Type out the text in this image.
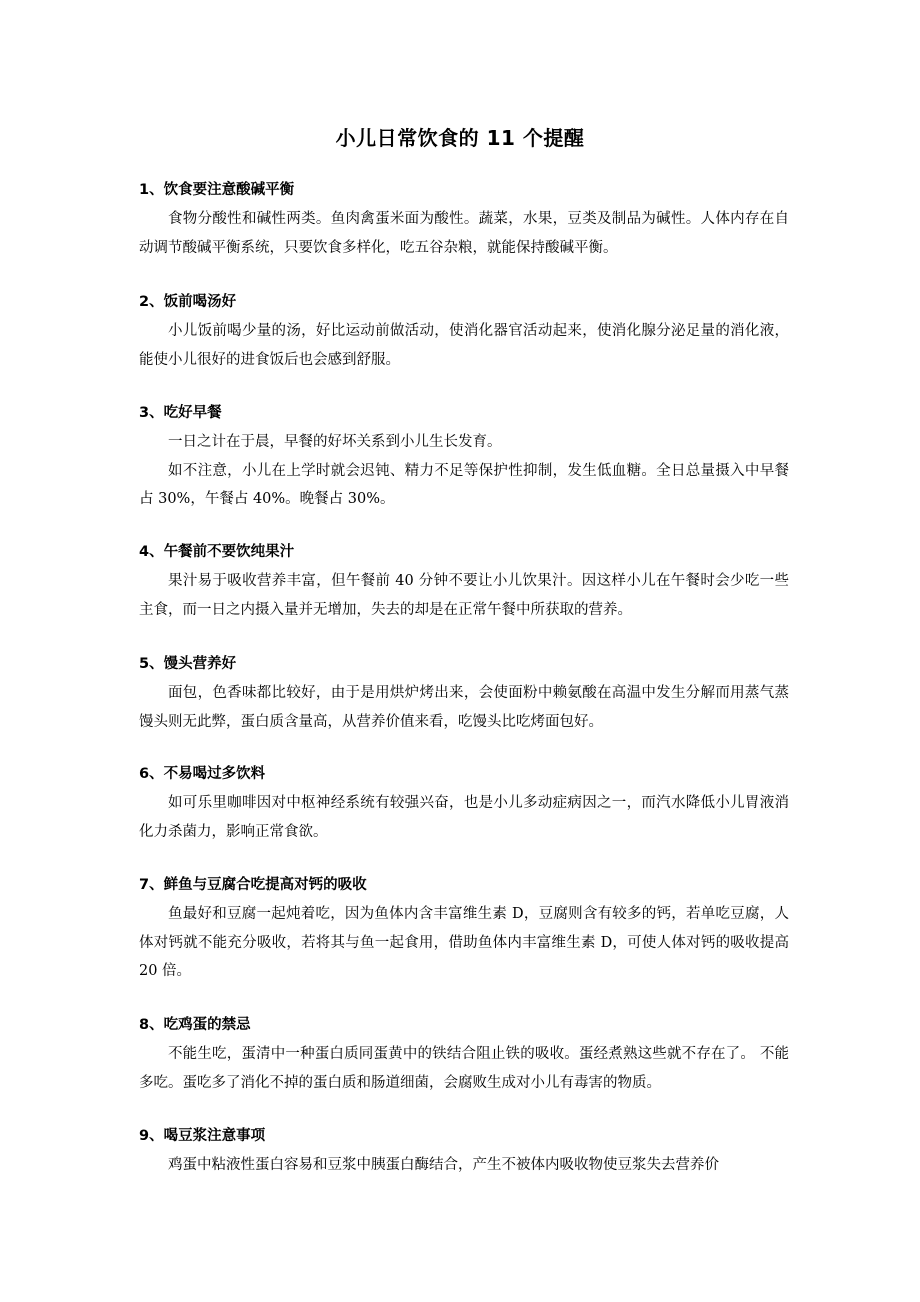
小儿日常饮食的 11 个提醒
1、饮食要注意酸碱平衡
食物分酸性和碱性两类。鱼肉禽蛋米面为酸性。蔬菜，水果，豆类及制品为碱性。人体内存在自动调节酸碱平衡系统，只要饮食多样化，吃五谷杂粮，就能保持酸碱平衡。
2、饭前喝汤好
小儿饭前喝少量的汤，好比运动前做活动，使消化器官活动起来，使消化腺分泌足量的消化液，能使小儿很好的进食饭后也会感到舒服。
3、吃好早餐
一日之计在于晨，早餐的好坏关系到小儿生长发育。
如不注意，小儿在上学时就会迟钝、精力不足等保护性抑制，发生低血糖。全日总量摄入中早餐占 30%，午餐占 40%。晚餐占 30%。
4、午餐前不要饮纯果汁
果汁易于吸收营养丰富，但午餐前 40 分钟不要让小儿饮果汁。因这样小儿在午餐时会少吃一些主食，而一日之内摄入量并无增加，失去的却是在正常午餐中所获取的营养。
5、馒头营养好
面包，色香味都比较好，由于是用烘炉烤出来，会使面粉中赖氨酸在高温中发生分解而用蒸气蒸馒头则无此弊，蛋白质含量高，从营养价值来看，吃馒头比吃烤面包好。
6、不易喝过多饮料
如可乐里咖啡因对中枢神经系统有较强兴奋，也是小儿多动症病因之一，而汽水降低小儿胃液消化力杀菌力，影响正常食欲。
7、鲜鱼与豆腐合吃提高对钙的吸收
鱼最好和豆腐一起炖着吃，因为鱼体内含丰富维生素 D，豆腐则含有较多的钙，若单吃豆腐，人体对钙就不能充分吸收，若将其与鱼一起食用，借助鱼体内丰富维生素 D，可使人体对钙的吸收提高 20 倍。
8、吃鸡蛋的禁忌
不能生吃，蛋清中一种蛋白质同蛋黄中的铁结合阻止铁的吸收。蛋经煮熟这些就不存在了。 不能多吃。蛋吃多了消化不掉的蛋白质和肠道细菌，会腐败生成对小儿有毒害的物质。
9、喝豆浆注意事项
鸡蛋中粘液性蛋白容易和豆浆中胰蛋白酶结合，产生不被体内吸收物使豆浆失去营养价
